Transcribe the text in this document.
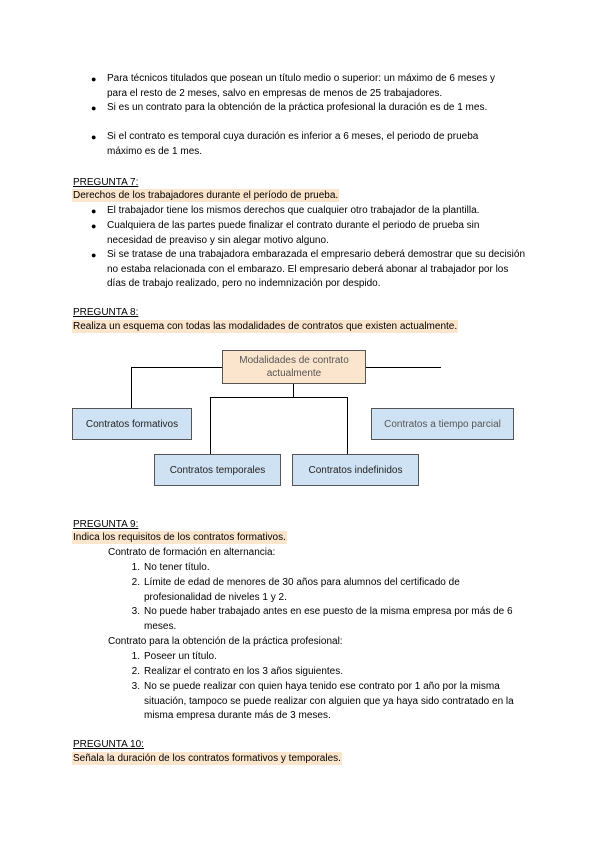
● Para técnicos titulados que posean un título medio o superior: un máximo de 6 meses y para el resto de 2 meses, salvo en empresas de menos de 25 trabajadores.
● Si es un contrato para la obtención de la práctica profesional la duración es de 1 mes.
● Si el contrato es temporal cuya duración es inferior a 6 meses, el periodo de prueba máximo es de 1 mes.
PREGUNTA 7:
Derechos de los trabajadores durante el período de prueba.
● El trabajador tiene los mismos derechos que cualquier otro trabajador de la plantilla.
● Cualquiera de las partes puede finalizar el contrato durante el periodo de prueba sin necesidad de preaviso y sin alegar motivo alguno.
● Si se tratase de una trabajadora embarazada el empresario deberá demostrar que su decisión no estaba relacionada con el embarazo. El empresario deberá abonar al trabajador por los días de trabajo realizado, pero no indemnización por despido.
PREGUNTA 8:
Realiza un esquema con todas las modalidades de contratos que existen actualmente.
Modalidades de contrato actualmente
Contratos formativos	Contratos a tiempo parcial
Contratos temporales	Contratos indefinidos
PREGUNTA 9:
Indica los requisitos de los contratos formativos.
Contrato de formación en alternancia:
1. No tener título.
2. Límite de edad de menores de 30 años para alumnos del certificado de profesionalidad de niveles 1 y 2.
3. No puede haber trabajado antes en ese puesto de la misma empresa por más de 6 meses.
Contrato para la obtención de la práctica profesional:
1. Poseer un título.
2. Realizar el contrato en los 3 años siguientes.
3. No se puede realizar con quien haya tenido ese contrato por 1 año por la misma situación, tampoco se puede realizar con alguien que ya haya sido contratado en la misma empresa durante más de 3 meses.
PREGUNTA 10:
Señala la duración de los contratos formativos y temporales.
